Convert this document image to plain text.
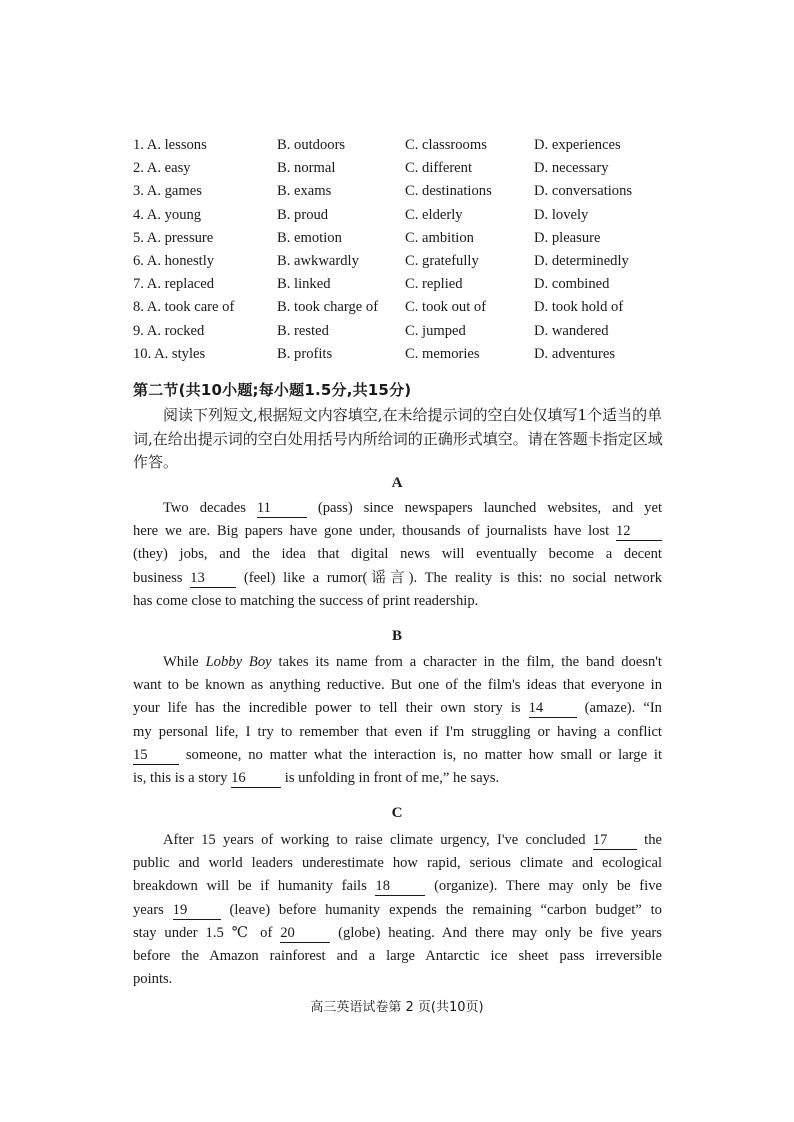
1. A. lessons	B. outdoors	C. classrooms	D. experiences
2. A. easy	B. normal	C. different	D. necessary
3. A. games	B. exams	C. destinations	D. conversations
4. A. young	B. proud	C. elderly	D. lovely
5. A. pressure	B. emotion	C. ambition	D. pleasure
6. A. honestly	B. awkwardly	C. gratefully	D. determinedly
7. A. replaced	B. linked	C. replied	D. combined
8. A. took care of	B. took charge of C. took out of	D. took hold of
9. A. rocked	B. rested	C. jumped	D. wandered
10. A. styles	B. profits	C. memories	D. adventures
第二节(共10小题;每小题1.5分,共15分)
阅读下列短文,根据短文内容填空,在未给提示词的空白处仅填写1个适当的单词,在给出提示词的空白处用括号内所给词的正确形式填空。请在答题卡指定区域作答。
A
Two decades 11	(pass) since newspapers launched websites, and yet
here we are. Big papers have gone under, thousands of journalists have lost 12
(they) jobs, and the idea that digital news will eventually become a decent
business 13	(feel) like a rumor(谣言). The reality is this: no social network
has come close to matching the success of print readership.
B
While Lobby Boy takes its name from a character in the film, the band doesn't
want to be known as anything reductive. But one of the film's ideas that everyone in
your life has the incredible power to tell their own story is 14	(amaze). “In
my personal life, I try to remember that even if I'm struggling or having a conflict
15	someone, no matter what the interaction is, no matter how small or large it
is, this is a story 16	is unfolding in front of me,” he says.
C
After 15 years of working to raise climate urgency, I've concluded 17	the
public and world leaders underestimate how rapid, serious climate and ecological
breakdown will be if humanity fails 18	(organize). There may only be five
years 19	(leave) before humanity expends the remaining “carbon budget” to
stay under 1.5 ℃ of 20	(globe) heating. And there may only be five years
before the Amazon rainforest and a large Antarctic ice sheet pass irreversible
points.
高三英语试卷第 2 页(共10页)
